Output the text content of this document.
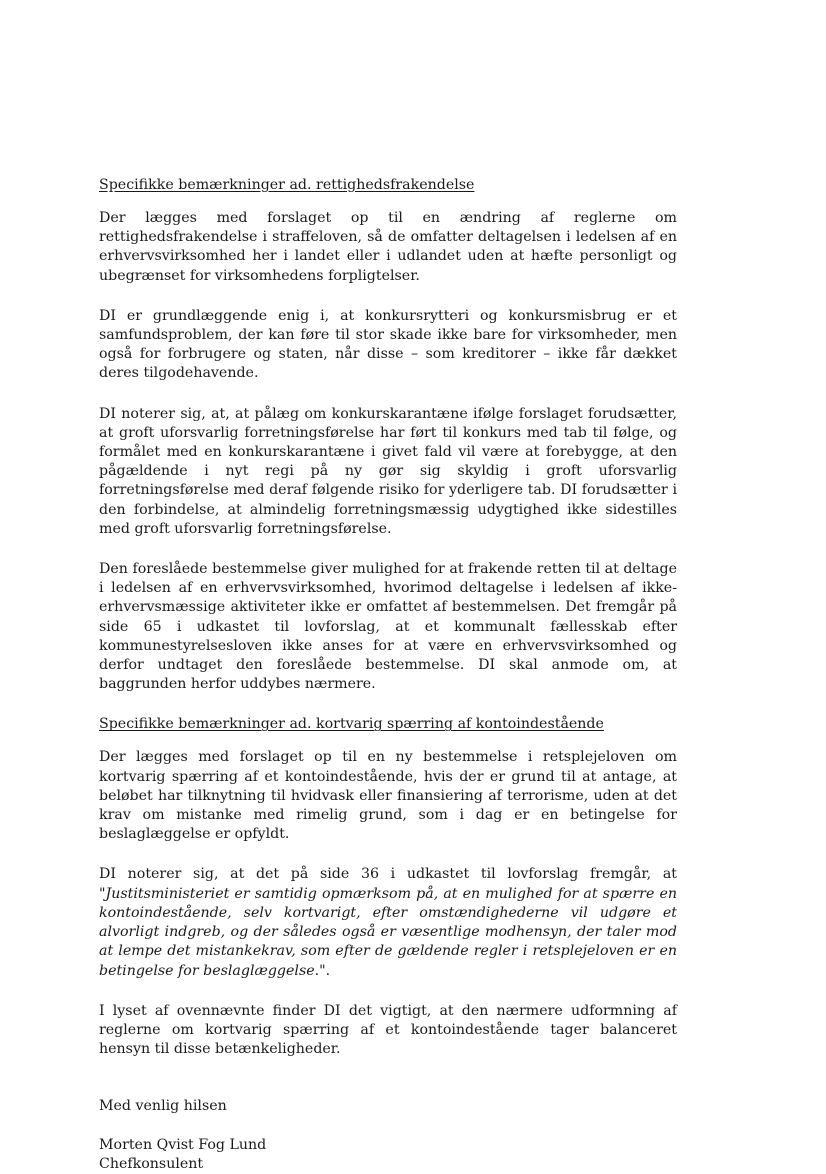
Specifikke bemærkninger ad. rettighedsfrakendelse

Der lægges med forslaget op til en ændring af reglerne om rettighedsfrakendelse i straffeloven, så de omfatter deltagelsen i ledelsen af en erhvervsvirksomhed her i landet eller i udlandet uden at hæfte personligt og ubegrænset for virksomhedens forpligtelser.

DI er grundlæggende enig i, at konkursrytteri og konkursmisbrug er et samfundsproblem, der kan føre til stor skade ikke bare for virksomheder, men også for forbrugere og staten, når disse – som kreditorer – ikke får dækket deres tilgodehavende.

DI noterer sig, at, at pålæg om konkurskarantæne ifølge forslaget forudsætter, at groft uforsvarlig forretningsførelse har ført til konkurs med tab til følge, og formålet med en konkurskarantæne i givet fald vil være at forebygge, at den pågældende i nyt regi på ny gør sig skyldig i groft uforsvarlig forretningsførelse med deraf følgende risiko for yderligere tab. DI forudsætter i den forbindelse, at almindelig forretningsmæssig udygtighed ikke sidestilles med groft uforsvarlig forretningsførelse.

Den foreslåede bestemmelse giver mulighed for at frakende retten til at deltage i ledelsen af en erhvervsvirksomhed, hvorimod deltagelse i ledelsen af ikke-erhvervsmæssige aktiviteter ikke er omfattet af bestemmelsen. Det fremgår på side 65 i udkastet til lovforslag, at et kommunalt fællesskab efter kommunestyrelsesloven ikke anses for at være en erhvervsvirksomhed og derfor undtaget den foreslåede bestemmelse. DI skal anmode om, at baggrunden herfor uddybes nærmere.

Specifikke bemærkninger ad. kortvarig spærring af kontoindestående

Der lægges med forslaget op til en ny bestemmelse i retsplejeloven om kortvarig spærring af et kontoindestående, hvis der er grund til at antage, at beløbet har tilknytning til hvidvask eller finansiering af terrorisme, uden at det krav om mistanke med rimelig grund, som i dag er en betingelse for beslaglæggelse er opfyldt.

DI noterer sig, at det på side 36 i udkastet til lovforslag fremgår, at "Justitsministeriet er samtidig opmærksom på, at en mulighed for at spærre en kontoindestående, selv kortvarigt, efter omstændighederne vil udgøre et alvorligt indgreb, og der således også er væsentlige modhensyn, der taler mod at lempe det mistankekrav, som efter de gældende regler i retsplejeloven er en betingelse for beslaglæggelse.".

I lyset af ovennævnte finder DI det vigtigt, at den nærmere udformning af reglerne om kortvarig spærring af et kontoindestående tager balanceret hensyn til disse betænkeligheder.

Med venlig hilsen
Morten Qvist Fog Lund
Chefkonsulent
